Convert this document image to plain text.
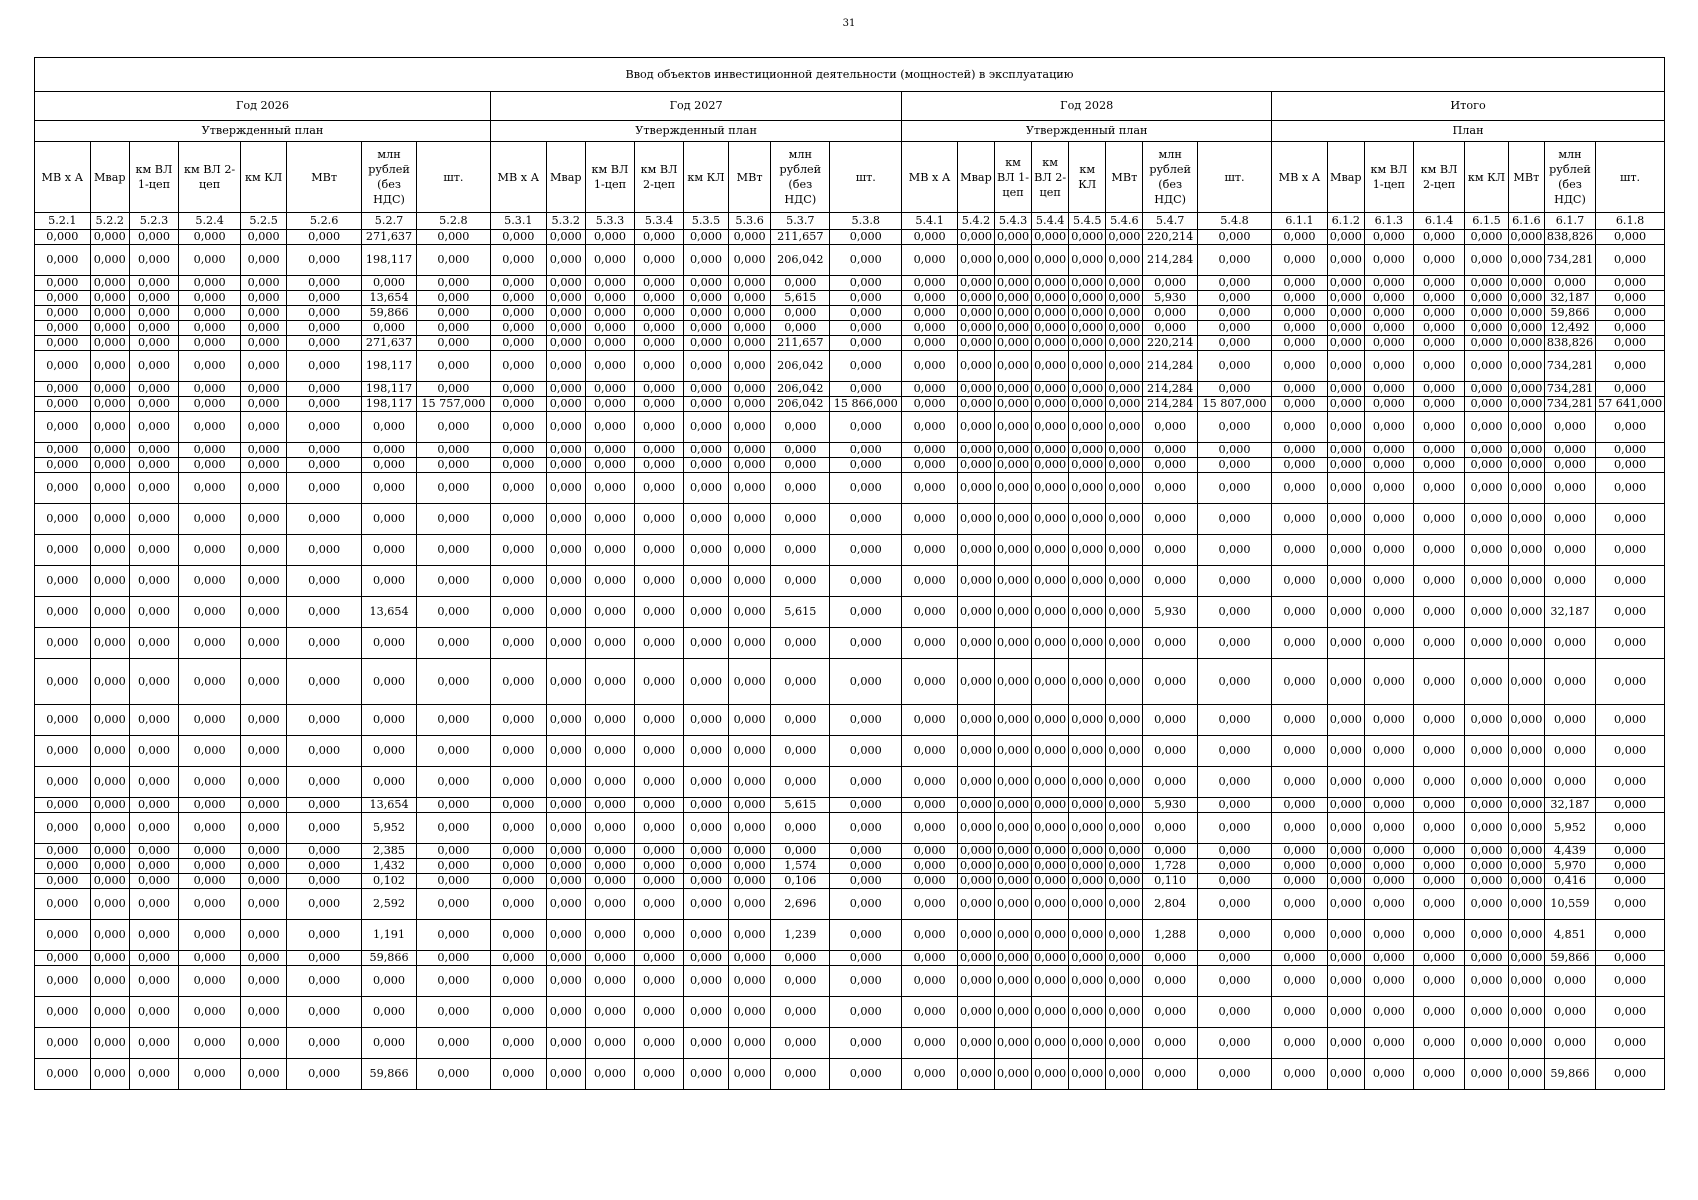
31
Ввод объектов инвестиционной деятельности (мощностей) в эксплуатацию																															
Год 2026								Год 2027								Год 2028								Итого							
Утвержденный план								Утвержденный план								Утвержденный план								План							
МВ х А	Мвар	км ВЛ 1-цеп	км ВЛ 2-цеп	км КЛ	МВт	млн рублей (без НДС)	шт.	МВ х А	Мвар	км ВЛ 1-цеп	км ВЛ 2-цеп	км КЛ	МВт	млн рублей (без НДС)	шт.	МВ х А	Мвар	км ВЛ 1-цеп	км ВЛ 2-цеп	км КЛ	МВт	млн рублей (без НДС)	шт.	МВ х А	Мвар	км ВЛ 1-цеп	км ВЛ 2-цеп	км КЛ	МВт	млн рублей (без НДС)	шт.
5.2.1	5.2.2	5.2.3	5.2.4	5.2.5	5.2.6	5.2.7	5.2.8	5.3.1	5.3.2	5.3.3	5.3.4	5.3.5	5.3.6	5.3.7	5.3.8	5.4.1	5.4.2	5.4.3	5.4.4	5.4.5	5.4.6	5.4.7	5.4.8	6.1.1	6.1.2	6.1.3	6.1.4	6.1.5	6.1.6	6.1.7	6.1.8
0,000	0,000	0,000	0,000	0,000	0,000	271,637	0,000	0,000	0,000	0,000	0,000	0,000	0,000	211,657	0,000	0,000	0,000	0,000	0,000	0,000	0,000	220,214	0,000	0,000	0,000	0,000	0,000	0,000	0,000	838,826	0,000
0,000	0,000	0,000	0,000	0,000	0,000	198,117	0,000	0,000	0,000	0,000	0,000	0,000	0,000	206,042	0,000	0,000	0,000	0,000	0,000	0,000	0,000	214,284	0,000	0,000	0,000	0,000	0,000	0,000	0,000	734,281	0,000
0,000	0,000	0,000	0,000	0,000	0,000	0,000	0,000	0,000	0,000	0,000	0,000	0,000	0,000	0,000	0,000	0,000	0,000	0,000	0,000	0,000	0,000	0,000	0,000	0,000	0,000	0,000	0,000	0,000	0,000	0,000	0,000
0,000	0,000	0,000	0,000	0,000	0,000	13,654	0,000	0,000	0,000	0,000	0,000	0,000	0,000	5,615	0,000	0,000	0,000	0,000	0,000	0,000	0,000	5,930	0,000	0,000	0,000	0,000	0,000	0,000	0,000	32,187	0,000
0,000	0,000	0,000	0,000	0,000	0,000	59,866	0,000	0,000	0,000	0,000	0,000	0,000	0,000	0,000	0,000	0,000	0,000	0,000	0,000	0,000	0,000	0,000	0,000	0,000	0,000	0,000	0,000	0,000	0,000	59,866	0,000
0,000	0,000	0,000	0,000	0,000	0,000	0,000	0,000	0,000	0,000	0,000	0,000	0,000	0,000	0,000	0,000	0,000	0,000	0,000	0,000	0,000	0,000	0,000	0,000	0,000	0,000	0,000	0,000	0,000	0,000	12,492	0,000
0,000	0,000	0,000	0,000	0,000	0,000	271,637	0,000	0,000	0,000	0,000	0,000	0,000	0,000	211,657	0,000	0,000	0,000	0,000	0,000	0,000	0,000	220,214	0,000	0,000	0,000	0,000	0,000	0,000	0,000	838,826	0,000
0,000	0,000	0,000	0,000	0,000	0,000	198,117	0,000	0,000	0,000	0,000	0,000	0,000	0,000	206,042	0,000	0,000	0,000	0,000	0,000	0,000	0,000	214,284	0,000	0,000	0,000	0,000	0,000	0,000	0,000	734,281	0,000
0,000	0,000	0,000	0,000	0,000	0,000	198,117	0,000	0,000	0,000	0,000	0,000	0,000	0,000	206,042	0,000	0,000	0,000	0,000	0,000	0,000	0,000	214,284	0,000	0,000	0,000	0,000	0,000	0,000	0,000	734,281	0,000
0,000	0,000	0,000	0,000	0,000	0,000	198,117	15 757,000	0,000	0,000	0,000	0,000	0,000	0,000	206,042	15 866,000	0,000	0,000	0,000	0,000	0,000	0,000	214,284	15 807,000	0,000	0,000	0,000	0,000	0,000	0,000	734,281	57 641,000
0,000	0,000	0,000	0,000	0,000	0,000	0,000	0,000	0,000	0,000	0,000	0,000	0,000	0,000	0,000	0,000	0,000	0,000	0,000	0,000	0,000	0,000	0,000	0,000	0,000	0,000	0,000	0,000	0,000	0,000	0,000	0,000
0,000	0,000	0,000	0,000	0,000	0,000	0,000	0,000	0,000	0,000	0,000	0,000	0,000	0,000	0,000	0,000	0,000	0,000	0,000	0,000	0,000	0,000	0,000	0,000	0,000	0,000	0,000	0,000	0,000	0,000	0,000	0,000
0,000	0,000	0,000	0,000	0,000	0,000	0,000	0,000	0,000	0,000	0,000	0,000	0,000	0,000	0,000	0,000	0,000	0,000	0,000	0,000	0,000	0,000	0,000	0,000	0,000	0,000	0,000	0,000	0,000	0,000	0,000	0,000
0,000	0,000	0,000	0,000	0,000	0,000	0,000	0,000	0,000	0,000	0,000	0,000	0,000	0,000	0,000	0,000	0,000	0,000	0,000	0,000	0,000	0,000	0,000	0,000	0,000	0,000	0,000	0,000	0,000	0,000	0,000	0,000
0,000	0,000	0,000	0,000	0,000	0,000	0,000	0,000	0,000	0,000	0,000	0,000	0,000	0,000	0,000	0,000	0,000	0,000	0,000	0,000	0,000	0,000	0,000	0,000	0,000	0,000	0,000	0,000	0,000	0,000	0,000	0,000
0,000	0,000	0,000	0,000	0,000	0,000	0,000	0,000	0,000	0,000	0,000	0,000	0,000	0,000	0,000	0,000	0,000	0,000	0,000	0,000	0,000	0,000	0,000	0,000	0,000	0,000	0,000	0,000	0,000	0,000	0,000	0,000
0,000	0,000	0,000	0,000	0,000	0,000	0,000	0,000	0,000	0,000	0,000	0,000	0,000	0,000	0,000	0,000	0,000	0,000	0,000	0,000	0,000	0,000	0,000	0,000	0,000	0,000	0,000	0,000	0,000	0,000	0,000	0,000
0,000	0,000	0,000	0,000	0,000	0,000	13,654	0,000	0,000	0,000	0,000	0,000	0,000	0,000	5,615	0,000	0,000	0,000	0,000	0,000	0,000	0,000	5,930	0,000	0,000	0,000	0,000	0,000	0,000	0,000	32,187	0,000
0,000	0,000	0,000	0,000	0,000	0,000	0,000	0,000	0,000	0,000	0,000	0,000	0,000	0,000	0,000	0,000	0,000	0,000	0,000	0,000	0,000	0,000	0,000	0,000	0,000	0,000	0,000	0,000	0,000	0,000	0,000	0,000
0,000	0,000	0,000	0,000	0,000	0,000	0,000	0,000	0,000	0,000	0,000	0,000	0,000	0,000	0,000	0,000	0,000	0,000	0,000	0,000	0,000	0,000	0,000	0,000	0,000	0,000	0,000	0,000	0,000	0,000	0,000	0,000
0,000	0,000	0,000	0,000	0,000	0,000	0,000	0,000	0,000	0,000	0,000	0,000	0,000	0,000	0,000	0,000	0,000	0,000	0,000	0,000	0,000	0,000	0,000	0,000	0,000	0,000	0,000	0,000	0,000	0,000	0,000	0,000
0,000	0,000	0,000	0,000	0,000	0,000	0,000	0,000	0,000	0,000	0,000	0,000	0,000	0,000	0,000	0,000	0,000	0,000	0,000	0,000	0,000	0,000	0,000	0,000	0,000	0,000	0,000	0,000	0,000	0,000	0,000	0,000
0,000	0,000	0,000	0,000	0,000	0,000	0,000	0,000	0,000	0,000	0,000	0,000	0,000	0,000	0,000	0,000	0,000	0,000	0,000	0,000	0,000	0,000	0,000	0,000	0,000	0,000	0,000	0,000	0,000	0,000	0,000	0,000
0,000	0,000	0,000	0,000	0,000	0,000	13,654	0,000	0,000	0,000	0,000	0,000	0,000	0,000	5,615	0,000	0,000	0,000	0,000	0,000	0,000	0,000	5,930	0,000	0,000	0,000	0,000	0,000	0,000	0,000	32,187	0,000
0,000	0,000	0,000	0,000	0,000	0,000	5,952	0,000	0,000	0,000	0,000	0,000	0,000	0,000	0,000	0,000	0,000	0,000	0,000	0,000	0,000	0,000	0,000	0,000	0,000	0,000	0,000	0,000	0,000	0,000	5,952	0,000
0,000	0,000	0,000	0,000	0,000	0,000	2,385	0,000	0,000	0,000	0,000	0,000	0,000	0,000	0,000	0,000	0,000	0,000	0,000	0,000	0,000	0,000	0,000	0,000	0,000	0,000	0,000	0,000	0,000	0,000	4,439	0,000
0,000	0,000	0,000	0,000	0,000	0,000	1,432	0,000	0,000	0,000	0,000	0,000	0,000	0,000	1,574	0,000	0,000	0,000	0,000	0,000	0,000	0,000	1,728	0,000	0,000	0,000	0,000	0,000	0,000	0,000	5,970	0,000
0,000	0,000	0,000	0,000	0,000	0,000	0,102	0,000	0,000	0,000	0,000	0,000	0,000	0,000	0,106	0,000	0,000	0,000	0,000	0,000	0,000	0,000	0,110	0,000	0,000	0,000	0,000	0,000	0,000	0,000	0,416	0,000
0,000	0,000	0,000	0,000	0,000	0,000	2,592	0,000	0,000	0,000	0,000	0,000	0,000	0,000	2,696	0,000	0,000	0,000	0,000	0,000	0,000	0,000	2,804	0,000	0,000	0,000	0,000	0,000	0,000	0,000	10,559	0,000
0,000	0,000	0,000	0,000	0,000	0,000	1,191	0,000	0,000	0,000	0,000	0,000	0,000	0,000	1,239	0,000	0,000	0,000	0,000	0,000	0,000	0,000	1,288	0,000	0,000	0,000	0,000	0,000	0,000	0,000	4,851	0,000
0,000	0,000	0,000	0,000	0,000	0,000	59,866	0,000	0,000	0,000	0,000	0,000	0,000	0,000	0,000	0,000	0,000	0,000	0,000	0,000	0,000	0,000	0,000	0,000	0,000	0,000	0,000	0,000	0,000	0,000	59,866	0,000
0,000	0,000	0,000	0,000	0,000	0,000	0,000	0,000	0,000	0,000	0,000	0,000	0,000	0,000	0,000	0,000	0,000	0,000	0,000	0,000	0,000	0,000	0,000	0,000	0,000	0,000	0,000	0,000	0,000	0,000	0,000	0,000
0,000	0,000	0,000	0,000	0,000	0,000	0,000	0,000	0,000	0,000	0,000	0,000	0,000	0,000	0,000	0,000	0,000	0,000	0,000	0,000	0,000	0,000	0,000	0,000	0,000	0,000	0,000	0,000	0,000	0,000	0,000	0,000
0,000	0,000	0,000	0,000	0,000	0,000	0,000	0,000	0,000	0,000	0,000	0,000	0,000	0,000	0,000	0,000	0,000	0,000	0,000	0,000	0,000	0,000	0,000	0,000	0,000	0,000	0,000	0,000	0,000	0,000	0,000	0,000
0,000	0,000	0,000	0,000	0,000	0,000	59,866	0,000	0,000	0,000	0,000	0,000	0,000	0,000	0,000	0,000	0,000	0,000	0,000	0,000	0,000	0,000	0,000	0,000	0,000	0,000	0,000	0,000	0,000	0,000	59,866	0,000
